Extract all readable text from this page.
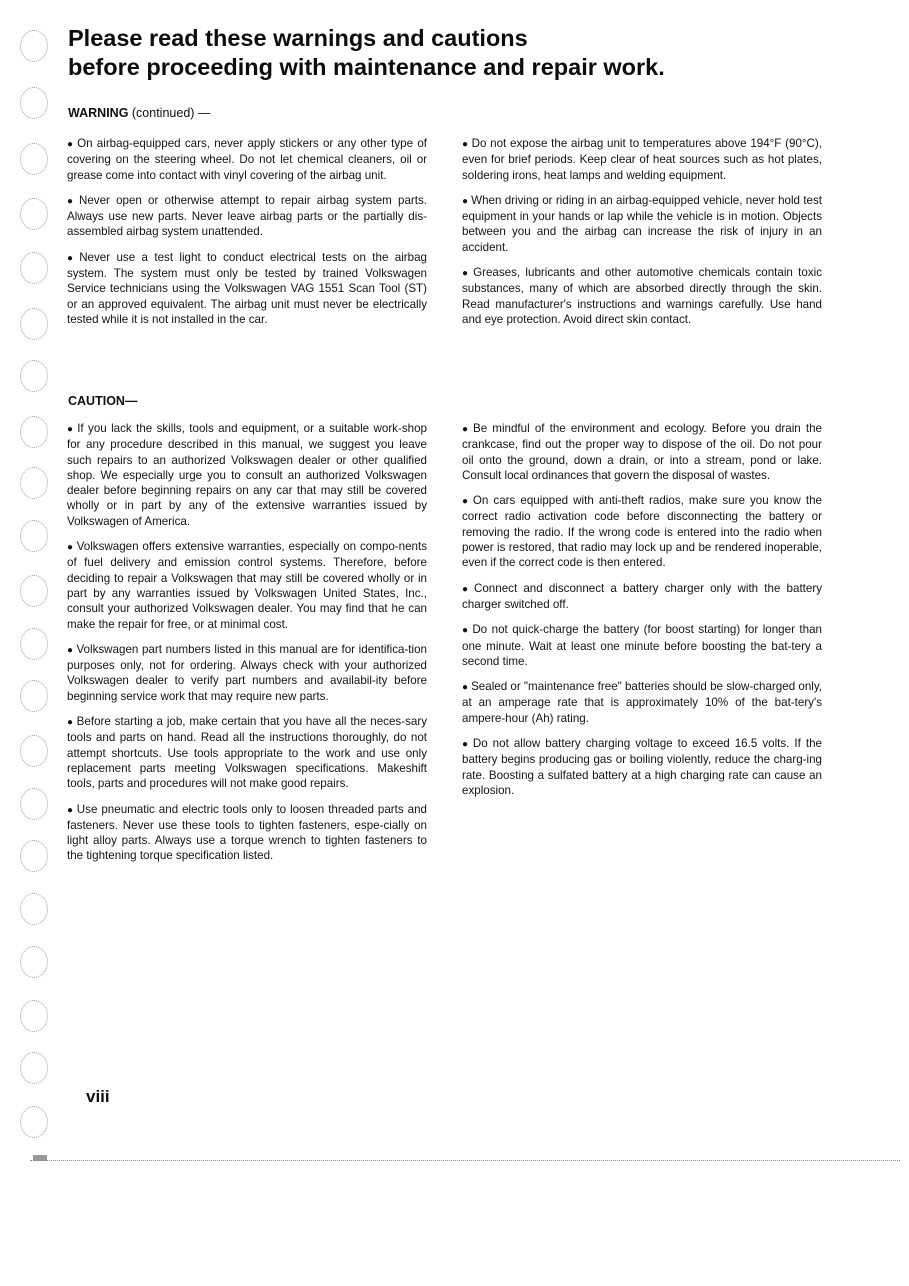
Please read these warnings and cautions
before proceeding with maintenance and repair work.
WARNING (continued) —

● On airbag-equipped cars, never apply stickers or any other type of covering on the steering wheel. Do not let chemical cleaners, oil or grease come into contact with vinyl covering of the airbag unit.

● Never open or otherwise attempt to repair airbag system parts. Always use new parts. Never leave airbag parts or the partially dis-assembled airbag system unattended.

● Never use a test light to conduct electrical tests on the airbag system. The system must only be tested by trained Volkswagen Service technicians using the Volkswagen VAG 1551 Scan Tool (ST) or an approved equivalent. The airbag unit must never be electrically tested while it is not installed in the car.

● Do not expose the airbag unit to temperatures above 194°F (90°C), even for brief periods. Keep clear of heat sources such as hot plates, soldering irons, heat lamps and welding equipment.

● When driving or riding in an airbag-equipped vehicle, never hold test equipment in your hands or lap while the vehicle is in motion. Objects between you and the airbag can increase the risk of injury in an accident.

● Greases, lubricants and other automotive chemicals contain toxic substances, many of which are absorbed directly through the skin. Read manufacturer's instructions and warnings carefully. Use hand and eye protection. Avoid direct skin contact.

CAUTION—

● If you lack the skills, tools and equipment, or a suitable work-shop for any procedure described in this manual, we suggest you leave such repairs to an authorized Volkswagen dealer or other qualified shop. We especially urge you to consult an authorized Volkswagen dealer before beginning repairs on any car that may still be covered wholly or in part by any of the extensive warranties issued by Volkswagen of America.

● Volkswagen offers extensive warranties, especially on compo-nents of fuel delivery and emission control systems. Therefore, before deciding to repair a Volkswagen that may still be covered wholly or in part by any warranties issued by Volkswagen United States, Inc., consult your authorized Volkswagen dealer. You may find that he can make the repair for free, or at minimal cost.

● Volkswagen part numbers listed in this manual are for identifica-tion purposes only, not for ordering. Always check with your authorized Volkswagen dealer to verify part numbers and availabil-ity before beginning service work that may require new parts.

● Before starting a job, make certain that you have all the neces-sary tools and parts on hand. Read all the instructions thoroughly, do not attempt shortcuts. Use tools appropriate to the work and use only replacement parts meeting Volkswagen specifications. Makeshift tools, parts and procedures will not make good repairs.

● Use pneumatic and electric tools only to loosen threaded parts and fasteners. Never use these tools to tighten fasteners, espe-cially on light alloy parts. Always use a torque wrench to tighten fasteners to the tightening torque specification listed.

● Be mindful of the environment and ecology. Before you drain the crankcase, find out the proper way to dispose of the oil. Do not pour oil onto the ground, down a drain, or into a stream, pond or lake. Consult local ordinances that govern the disposal of wastes.

● On cars equipped with anti-theft radios, make sure you know the correct radio activation code before disconnecting the battery or removing the radio. If the wrong code is entered into the radio when power is restored, that radio may lock up and be rendered inoperable, even if the correct code is then entered.

● Connect and disconnect a battery charger only with the battery charger switched off.

● Do not quick-charge the battery (for boost starting) for longer than one minute. Wait at least one minute before boosting the bat-tery a second time.

● Sealed or "maintenance free" batteries should be slow-charged only, at an amperage rate that is approximately 10% of the bat-tery's ampere-hour (Ah) rating.

● Do not allow battery charging voltage to exceed 16.5 volts. If the battery begins producing gas or boiling violently, reduce the charg-ing rate. Boosting a sulfated battery at a high charging rate can cause an explosion.

viii
